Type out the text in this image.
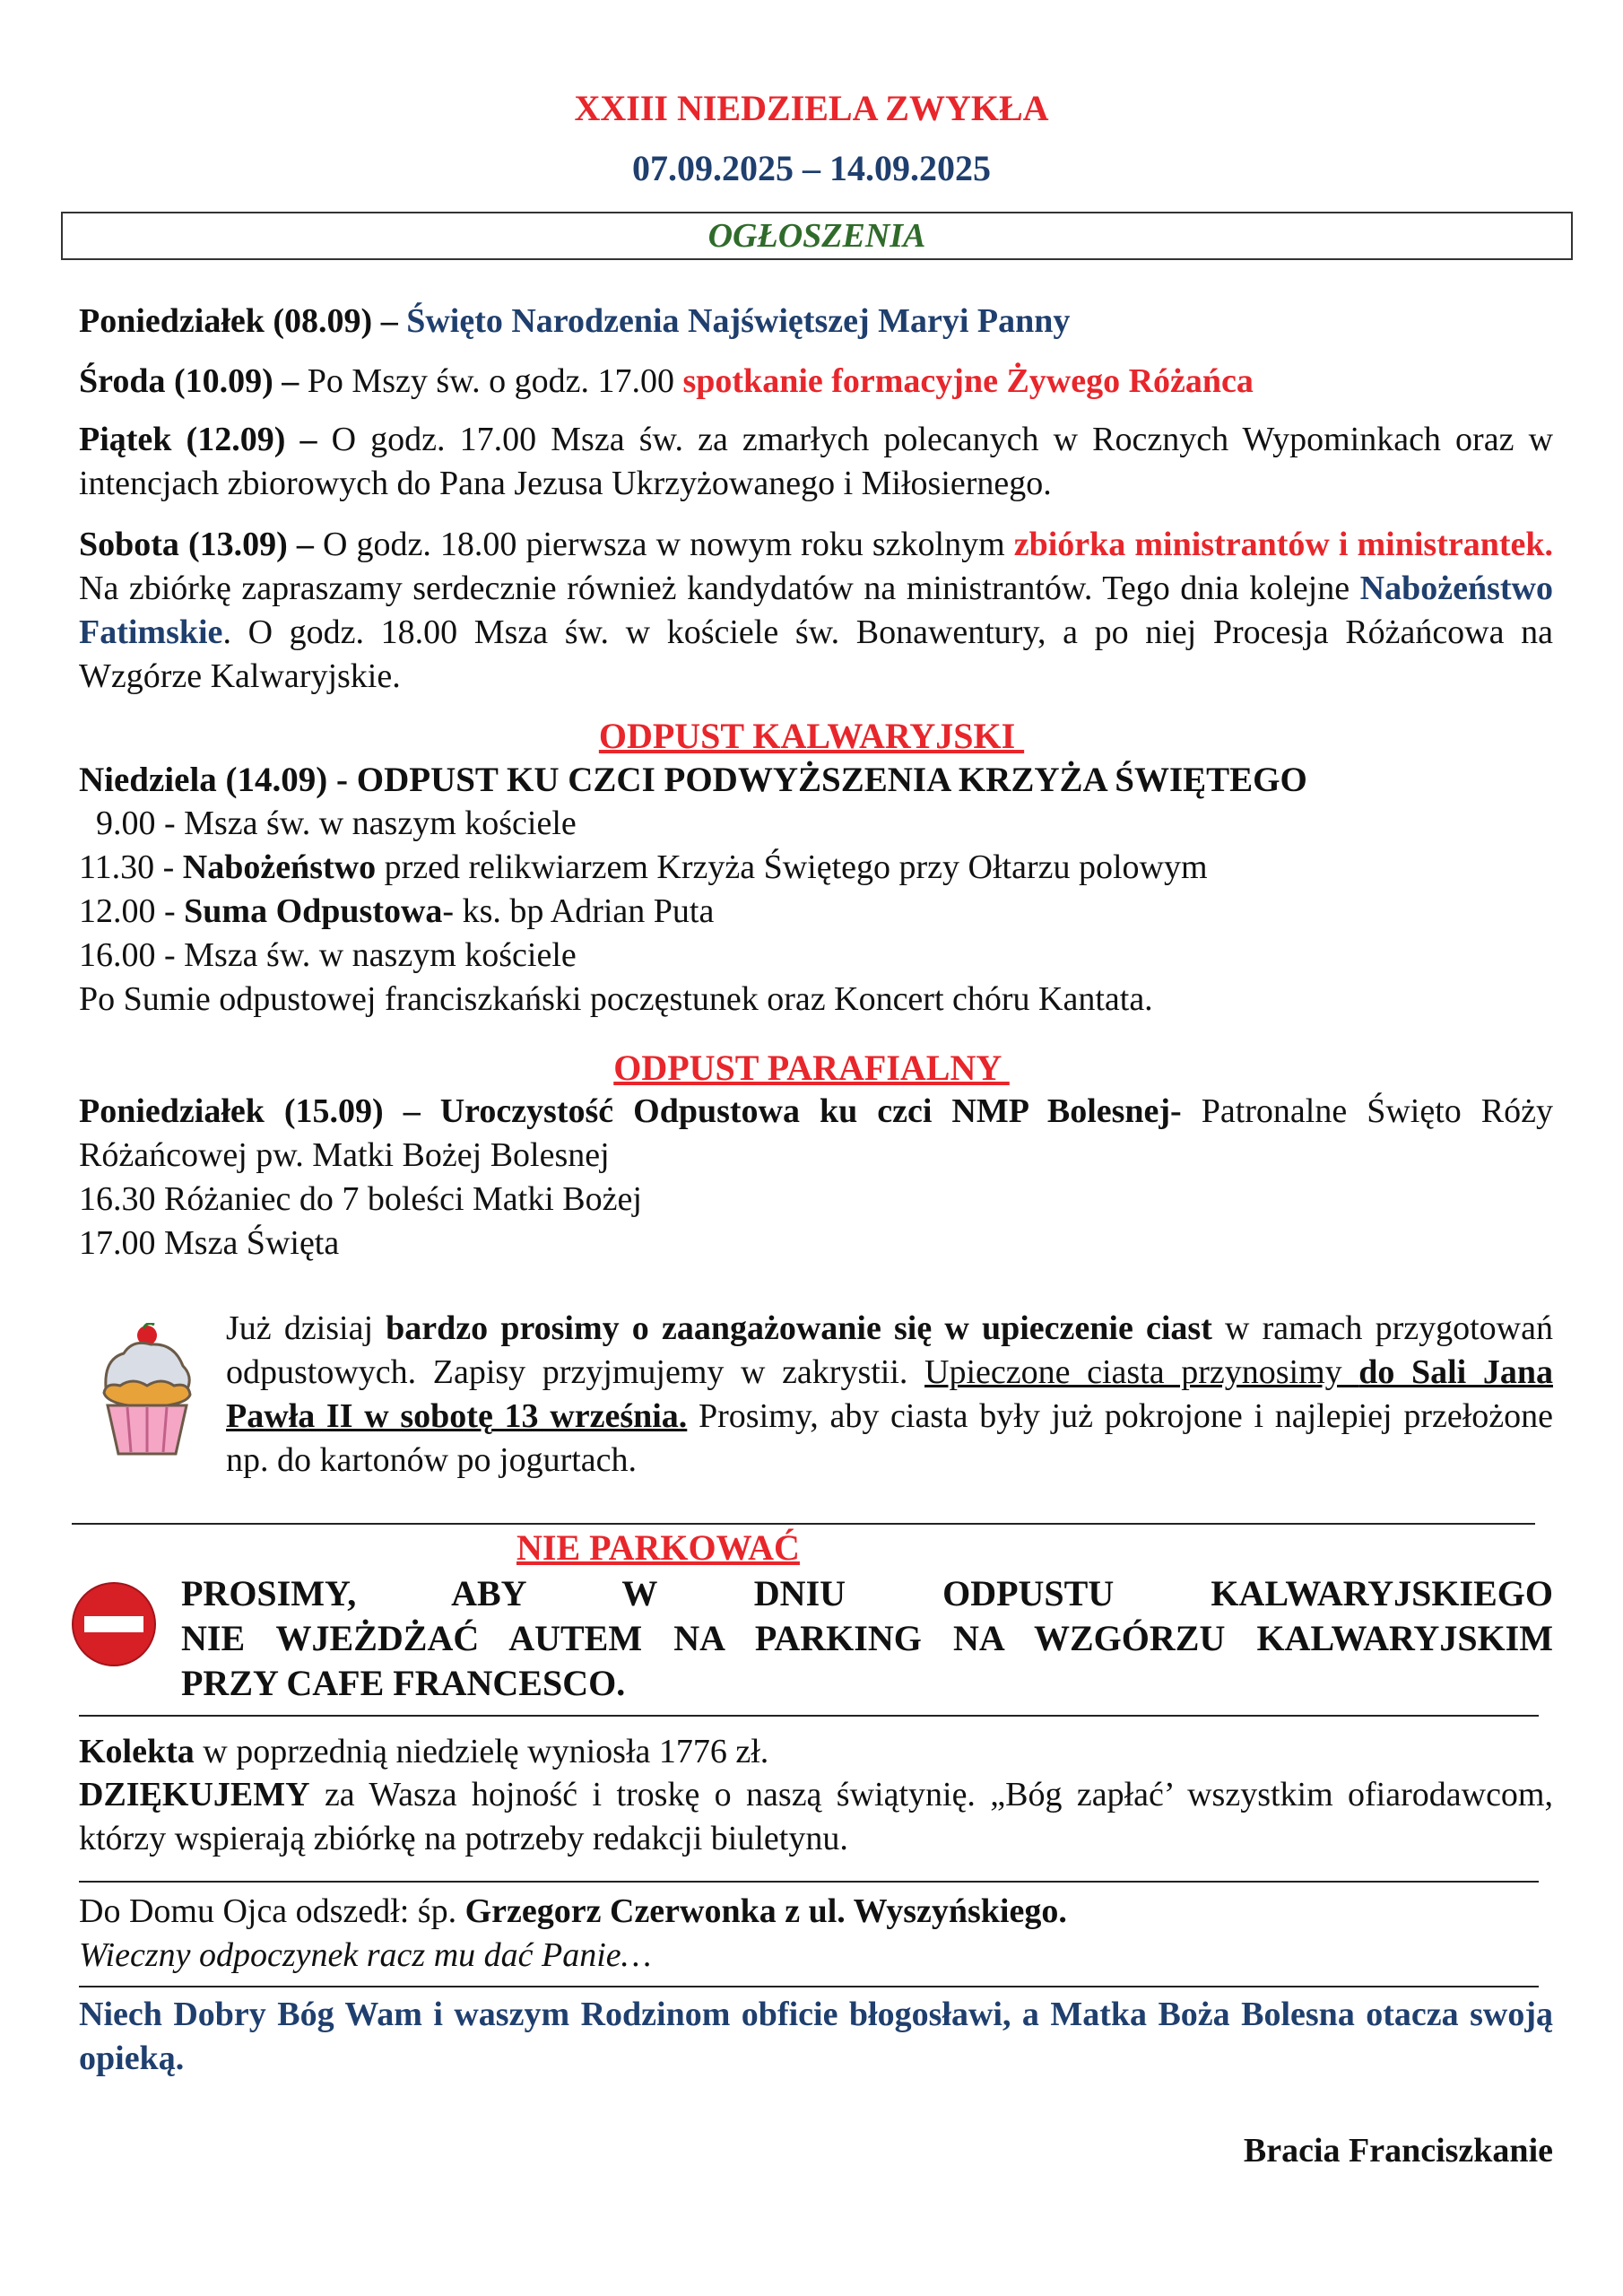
XXIII NIEDZIELA ZWYKŁA
07.09.2025 – 14.09.2025
OGŁOSZENIA
Poniedziałek (08.09) – Święto Narodzenia Najświętszej Maryi Panny
Środa (10.09) – Po Mszy św. o godz. 17.00 spotkanie formacyjne Żywego Różańca
Piątek (12.09) – O godz. 17.00 Msza św. za zmarłych polecanych w Rocznych Wypominkach oraz w intencjach zbiorowych do Pana Jezusa Ukrzyżowanego i Miłosiernego.
Sobota (13.09) – O godz. 18.00 pierwsza w nowym roku szkolnym zbiórka ministrantów i ministrantek. Na zbiórkę zapraszamy serdecznie również kandydatów na ministrantów. Tego dnia kolejne Nabożeństwo Fatimskie. O godz. 18.00 Msza św. w kościele św. Bonawentury, a po niej Procesja Różańcowa na Wzgórze Kalwaryjskie.
ODPUST KALWARYJSKI
Niedziela (14.09) - ODPUST KU CZCI PODWYŻSZENIA KRZYŻA ŚWIĘTEGO
9.00 - Msza św. w naszym kościele
11.30 - Nabożeństwo przed relikwiarzem Krzyża Świętego przy Ołtarzu polowym
12.00 - Suma Odpustowa- ks. bp Adrian Puta
16.00 - Msza św. w naszym kościele
Po Sumie odpustowej franciszkański poczęstunek oraz Koncert chóru Kantata.
ODPUST PARAFIALNY
Poniedziałek (15.09) – Uroczystość Odpustowa ku czci NMP Bolesnej- Patronalne Święto Róży Różańcowej pw. Matki Bożej Bolesnej
16.30 Różaniec do 7 boleści Matki Bożej
17.00 Msza Święta
Już dzisiaj bardzo prosimy o zaangażowanie się w upieczenie ciast w ramach przygotowań odpustowych. Zapisy przyjmujemy w zakrystii. Upieczone ciasta przynosimy do Sali Jana Pawła II w sobotę 13 września. Prosimy, aby ciasta były już pokrojone i najlepiej przełożone np. do kartonów po jogurtach.
NIE PARKOWAĆ
PROSIMY, ABY W DNIU ODPUSTU KALWARYJSKIEGO
NIE WJEŻDŻAĆ AUTEM NA PARKING NA WZGÓRZU KALWARYJSKIM
PRZY CAFE FRANCESCO.
Kolekta w poprzednią niedzielę wyniosła 1776 zł.
DZIĘKUJEMY za Wasza hojność i troskę o naszą świątynię. „Bóg zapłać’ wszystkim ofiarodawcom, którzy wspierają zbiórkę na potrzeby redakcji biuletynu.
Do Domu Ojca odszedł: śp. Grzegorz Czerwonka z ul. Wyszyńskiego.
Wieczny odpoczynek racz mu dać Panie…
Niech Dobry Bóg Wam i waszym Rodzinom obficie błogosławi, a Matka Boża Bolesna otacza swoją opieką.
Bracia Franciszkanie
